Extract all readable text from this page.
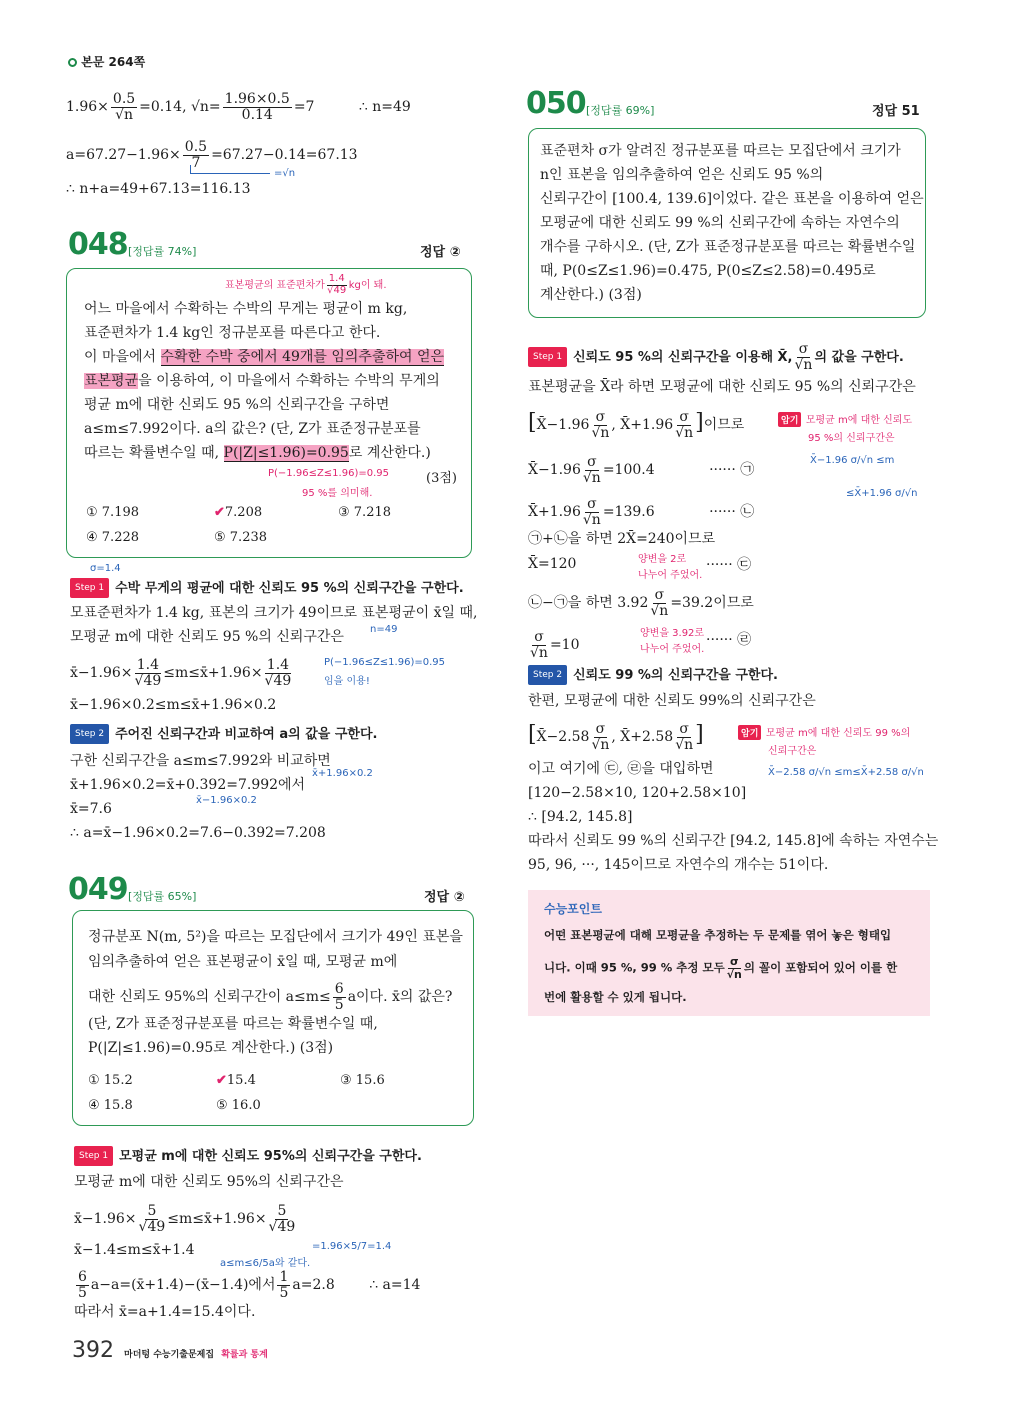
본문 264쪽
$1.96\times \frac{0.5}{√n} =0.14$, $√n= \frac{1.96\times 0.5}{0.14} =7$	∴ n=49
$a=67.27-1.96\times \frac{0.5}{7} =67.27-0.14=67.13$
=√n
∴ n+a=49+67.13=116.13
048 [정답률 74%]	정답 ②
표본평균의 표준편차가 $\frac{1.4}{√49}$ kg이 돼.
어느 마을에서 수확하는 수박의 무게는 평균이 m kg,
표준편차가 1.4 kg인 정규분포를 따른다고 한다.
이 마을에서 수확한 수박 중에서 49개를 임의추출하여 얻은
표본평균을 이용하여, 이 마을에서 수확하는 수박의 무게의
평균 m에 대한 신뢰도 95 %의 신뢰구간을 구하면
a≤m≤7.992이다. a의 값은? (단, Z가 표준정규분포를
따르는 확률변수일 때, P(|Z|≤1.96)=0.95로 계산한다.)
P(−1.96≤Z≤1.96)=0.95
95 %를 의미해.
(3점)
① 7.198	✔7.208	③ 7.218
④ 7.228	⑤ 7.238
σ=1.4
Step 1 수박 무게의 평균에 대한 신뢰도 95 %의 신뢰구간을 구한다.
모표준편차가 1.4 kg, 표본의 크기가 49이므로 표본평균이 x̄일 때,
모평균 m에 대한 신뢰도 95 %의 신뢰구간은	n=49
x̄−1.96× $\frac{1.4}{√49}$ ≤m≤x̄+1.96× $\frac{1.4}{√49}$	P(−1.96≤Z≤1.96)=0.95
임을 이용!
x̄−1.96×0.2≤m≤x̄+1.96×0.2
Step 2 주어진 신뢰구간과 비교하여 a의 값을 구한다.
구한 신뢰구간을 a≤m≤7.992와 비교하면
x̄+1.96×0.2=x̄+0.392=7.992에서
x̄+1.96×0.2
x̄−1.96×0.2
x̄=7.6
∴ a=x̄−1.96×0.2=7.6−0.392=7.208
049 [정답률 65%]	정답 ②
정규분포 N(m, 5²)을 따르는 모집단에서 크기가 49인 표본을
임의추출하여 얻은 표본평균이 x̄일 때, 모평균 m에
대한 신뢰도 95%의 신뢰구간이 $a\le m\le \frac{6}{5}$ a이다. x̄의 값은?
(단, Z가 표준정규분포를 따르는 확률변수일 때,
P(|Z|≤1.96)=0.95로 계산한다.) (3점)
① 15.2	✔15.4	③ 15.6
④ 15.8	⑤ 16.0
Step 1 모평균 m에 대한 신뢰도 95%의 신뢰구간을 구한다.
모평균 m에 대한 신뢰도 95%의 신뢰구간은
x̄−1.96× $\frac{5}{√49}$ ≤m≤x̄+1.96× $\frac{5}{√49}$
x̄−1.4≤m≤x̄+1.4	=1.96×5/7=1.4
a≤m≤6/5a와 같다.
$\frac{6}{5}$ a−a=(x̄+1.4)−(x̄−1.4)에서 $\frac{1}{5} a=2.8$ ∴ a=14
따라서 x̄=a+1.4=15.4이다.
050 [정답률 69%]	정답 51
표준편차 σ가 알려진 정규분포를 따르는 모집단에서 크기가
n인 표본을 임의추출하여 얻은 신뢰도 95 %의
신뢰구간이 [100.4, 139.6]이었다. 같은 표본을 이용하여 얻은
모평균에 대한 신뢰도 99 %의 신뢰구간에 속하는 자연수의
개수를 구하시오. (단, Z가 표준정규분포를 따르는 확률변수일
때, P(0≤Z≤1.96)=0.475, P(0≤Z≤2.58)=0.495로
계산한다.) (3점)
Step 1 신뢰도 95 %의 신뢰구간을 이용해 X̄, $\frac{\sigma}{√n}$ 의 값을 구한다.
표본평균을 X̄라 하면 모평균에 대한 신뢰도 95 %의 신뢰구간은
[X̄−1.96 $\frac{\sigma}{√n}$ , X̄+1.96 $\frac{\sigma}{√n}$ ]이므로	암기 모평균 m에 대한 신뢰도
95 %의 신뢰구간은
X̄−1.96 σ/√n ≤m
≤X̄+1.96 σ/√n
X̄−1.96 $\frac{\sigma}{√n} =100.4$	······ ㉠
X̄+1.96 $\frac{\sigma}{√n} =139.6$	······ ㉡
㉠+㉡을 하면 2X̄=240이므로
X̄=120	양변을 2로
나누어 주었어.
······ ㉢
㉡−㉠을 하면 $3.92 \frac{\sigma}{√n} =39.2$이므로
$\frac{\sigma}{√n} =10$
양변을 3.92로
나누어 주었어.
······ ㉣
Step 2 신뢰도 99 %의 신뢰구간을 구한다.
한편, 모평균에 대한 신뢰도 99%의 신뢰구간은
[X̄−2.58 $\frac{\sigma}{√n}$ , X̄+2.58 $\frac{\sigma}{√n}$ ]	암기 모평균 m에 대한 신뢰도 99 %의
신뢰구간은
X̄−2.58 σ/√n ≤m≤X̄+2.58 σ/√n
이고 여기에 ㉢, ㉣을 대입하면
[120−2.58×10, 120+2.58×10]
∴ [94.2, 145.8]
따라서 신뢰도 99 %의 신뢰구간 [94.2, 145.8]에 속하는 자연수는
95, 96, ···, 145이므로 자연수의 개수는 51이다.
수능포인트
어떤 표본평균에 대해 모평균을 추정하는 두 문제를 엮어 놓은 형태입
니다. 이때 95 %, 99 % 추정 모두 $\frac{\sigma}{√n}$ 의 꼴이 포함되어 있어 이를 한
번에 활용할 수 있게 됩니다.
392 마더텅 수능기출문제집 확률과 통계
